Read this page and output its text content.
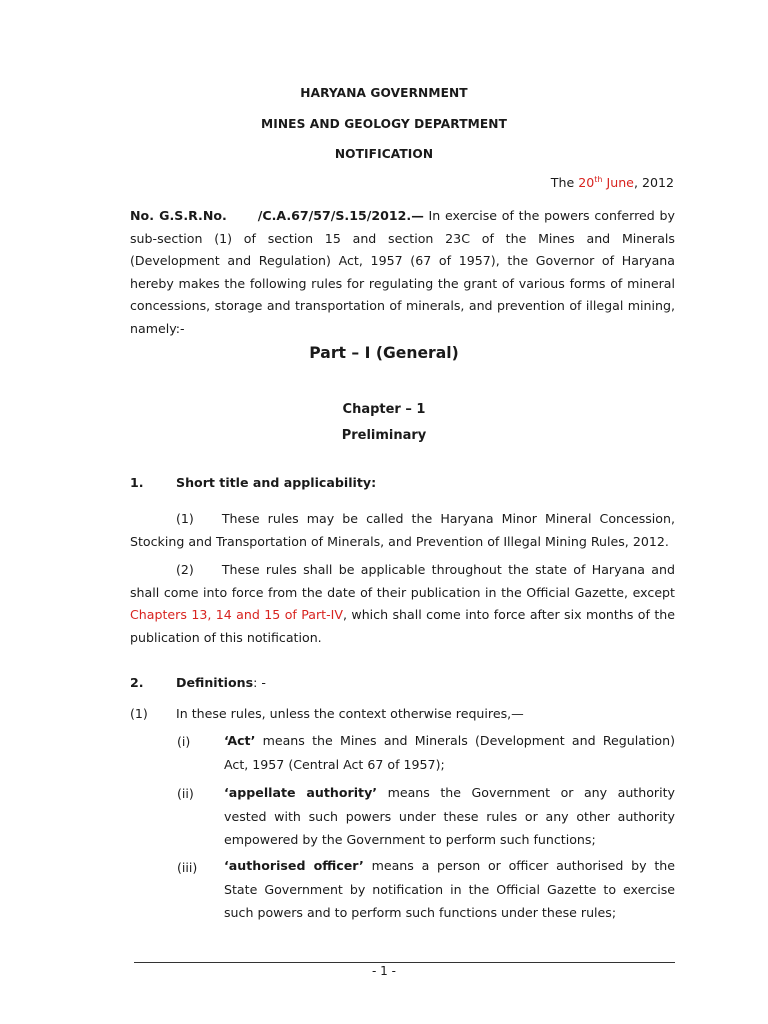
HARYANA GOVERNMENT
MINES AND GEOLOGY DEPARTMENT
NOTIFICATION
The 20th June, 2012

No. G.S.R.No.      /C.A.67/57/S.15/2012.— In exercise of the powers conferred by sub-section (1) of section 15 and section 23C of the Mines and Minerals (Development and Regulation) Act, 1957 (67 of 1957), the Governor of Haryana hereby makes the following rules for regulating the grant of various forms of mineral concessions, storage and transportation of minerals, and prevention of illegal mining, namely:-

Part – I (General)
Chapter – 1
Preliminary
1.	Short title and applicability:

(1) These rules may be called the Haryana Minor Mineral Concession, Stocking and Transportation of Minerals, and Prevention of Illegal Mining Rules, 2012.

(2) These rules shall be applicable throughout the state of Haryana and shall come into force from the date of their publication in the Official Gazette, except Chapters 13, 14 and 15 of Part-IV, which shall come into force after six months of the publication of this notification.

2.	Definitions: -
(1) In these rules, unless the context otherwise requires,—
(i)	‘Act’ means the Mines and Minerals (Development and Regulation) Act, 1957 (Central Act 67 of 1957);

(ii) ‘appellate authority’ means the Government or any authority vested with such powers under these rules or any other authority empowered by the Government to perform such functions;

(iii) ‘authorised officer’ means a person or officer authorised by the State Government by notification in the Official Gazette to exercise such powers and to perform such functions under these rules;

- 1 -
